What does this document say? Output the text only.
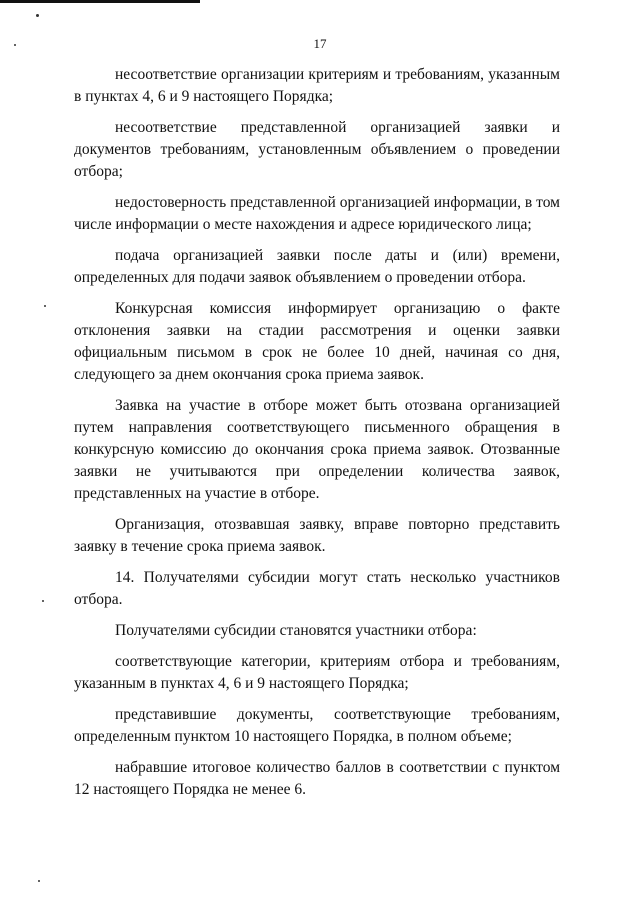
17

несоответствие организации критериям и требованиям, указанным в пунктах 4, 6 и 9 настоящего Порядка;

несоответствие представленной организацией заявки и документов требованиям, установленным объявлением о проведении отбора;

недостоверность представленной организацией информации, в том числе информации о месте нахождения и адресе юридического лица;

подача организацией заявки после даты и (или) времени, определенных для подачи заявок объявлением о проведении отбора.

Конкурсная комиссия информирует организацию о факте отклонения заявки на стадии рассмотрения и оценки заявки официальным письмом в срок не более 10 дней, начиная со дня, следующего за днем окончания срока приема заявок.

Заявка на участие в отборе может быть отозвана организацией путем направления соответствующего письменного обращения в конкурсную комиссию до окончания срока приема заявок. Отозванные заявки не учитываются при определении количества заявок, представленных на участие в отборе.

Организация, отозвавшая заявку, вправе повторно представить заявку в течение срока приема заявок.

14. Получателями субсидии могут стать несколько участников отбора.

Получателями субсидии становятся участники отбора:

соответствующие категории, критериям отбора и требованиям, указанным в пунктах 4, 6 и 9 настоящего Порядка;

представившие документы, соответствующие требованиям, определенным пунктом 10 настоящего Порядка, в полном объеме;

набравшие итоговое количество баллов в соответствии с пунктом 12 настоящего Порядка не менее 6.
